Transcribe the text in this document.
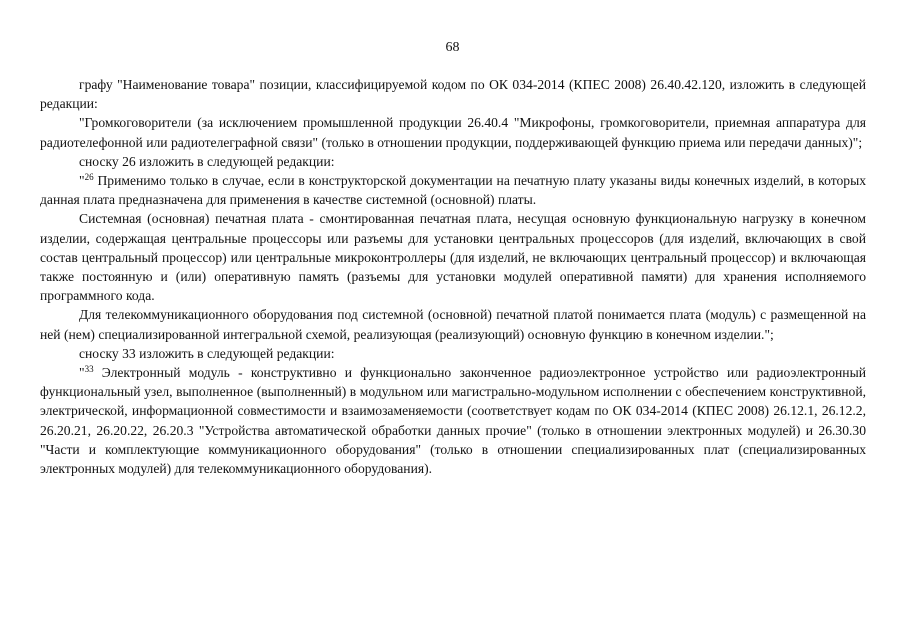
68

графу "Наименование товара" позиции, классифицируемой кодом по ОК 034-2014 (КПЕС 2008) 26.40.42.120, изложить в следующей редакции:

"Громкоговорители (за исключением промышленной продукции 26.40.4 "Микрофоны, громкоговорители, приемная аппаратура для радиотелефонной или радиотелеграфной связи" (только в отношении продукции, поддерживающей функцию приема или передачи данных)";

сноску 26 изложить в следующей редакции:

"$^{26}$ Применимо только в случае, если в конструкторской документации на печатную плату указаны виды конечных изделий, в которых данная плата предназначена для применения в качестве системной (основной) платы.

Системная (основная) печатная плата - смонтированная печатная плата, несущая основную функциональную нагрузку в конечном изделии, содержащая центральные процессоры или разъемы для установки центральных процессоров (для изделий, включающих в свой состав центральный процессор) или центральные микроконтроллеры (для изделий, не включающих центральный процессор) и включающая также постоянную и (или) оперативную память (разъемы для установки модулей оперативной памяти) для хранения исполняемого программного кода.

Для телекоммуникационного оборудования под системной (основной) печатной платой понимается плата (модуль) с размещенной на ней (нем) специализированной интегральной схемой, реализующая (реализующий) основную функцию в конечном изделии.";

сноску 33 изложить в следующей редакции:

"$^{33}$ Электронный модуль - конструктивно и функционально законченное радиоэлектронное устройство или радиоэлектронный функциональный узел, выполненное (выполненный) в модульном или магистрально-модульном исполнении с обеспечением конструктивной, электрической, информационной совместимости и взаимозаменяемости (соответствует кодам по ОК 034-2014 (КПЕС 2008) 26.12.1, 26.12.2, 26.20.21, 26.20.22, 26.20.3 "Устройства автоматической обработки данных прочие" (только в отношении электронных модулей) и 26.30.30 "Части и комплектующие коммуникационного оборудования" (только в отношении специализированных плат (специализированных электронных модулей) для телекоммуникационного оборудования).
